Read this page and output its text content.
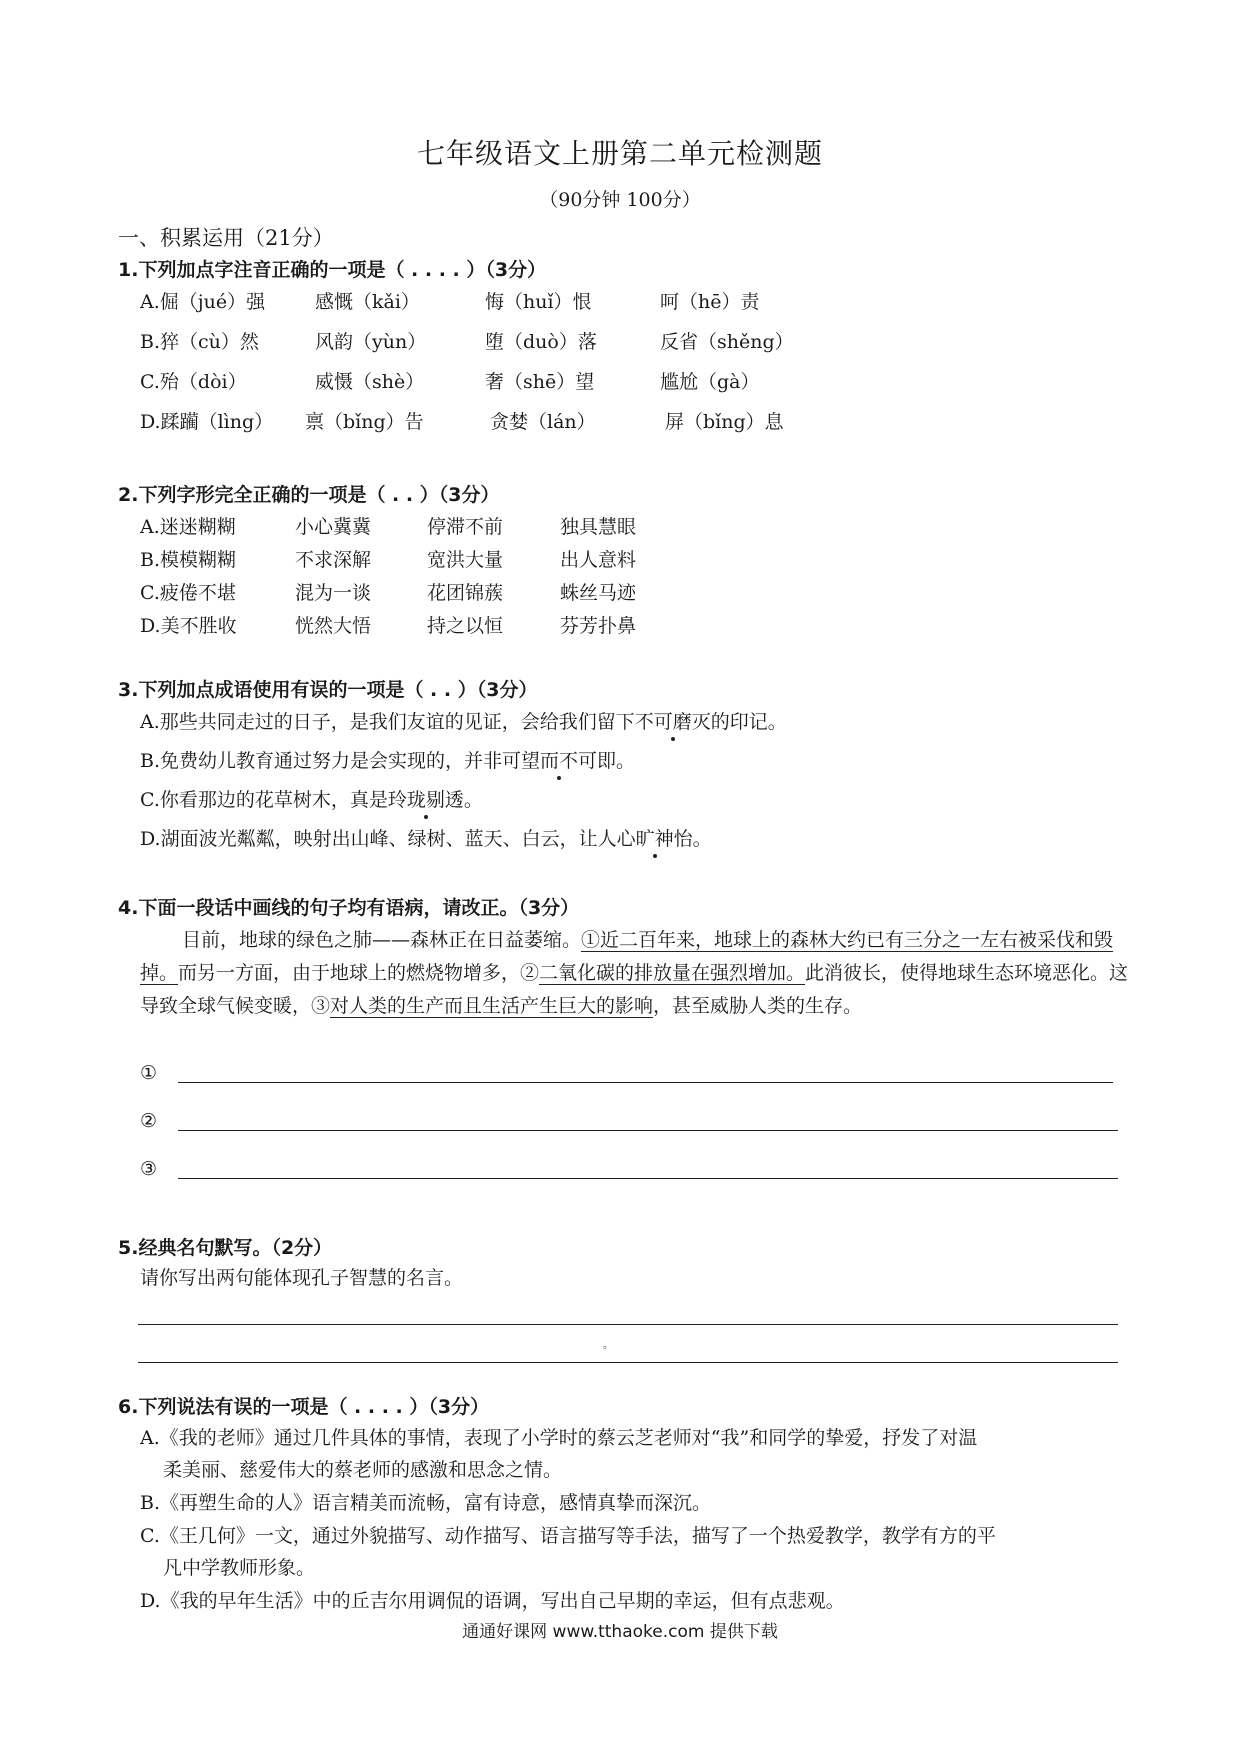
七年级语文上册第二单元检测题
（90分钟 100分）
一、积累运用（21分）
1.下列加点字注音正确的一项是（ . . . . ）（3分）
A.倔（jué）强	感慨（kǎi）	悔（huǐ）恨	呵（hē）责
B.猝（cù）然	风韵（yùn）	堕（duò）落	反省（shěng）
C.殆（dòi）	威慑（shè）	奢（shē）望	尴尬（gà）
D.蹂躏（lìng） 禀（bǐng）告	贪婪（lán）	屏（bǐng）息
2.下列字形完全正确的一项是（ . . ）（3分）
A.迷迷糊糊	小心冀冀	停滞不前	独具慧眼
B.模模糊糊	不求深解	宽洪大量	出人意料
C.疲倦不堪	混为一谈	花团锦蔟	蛛丝马迹
D.美不胜收	恍然大悟	持之以恒	芬芳扑鼻
3.下列加点成语使用有误的一项是（ . . ）（3分）
A.那些共同走过的日子，是我们友谊的见证，会给我们留下不可磨灭的印记。
B.免费幼儿教育通过努力是会实现的，并非可望而不可即。
C.你看那边的花草树木，真是玲珑剔透。
D.湖面波光粼粼，映射出山峰、绿树、蓝天、白云，让人心旷神怡。
4.下面一段话中画线的句子均有语病，请改正。（3分）
目前，地球的绿色之肺——森林正在日益萎缩。①近二百年来，地球上的森林大约已有三分之一左右被采伐和毁掉。而另一方面，由于地球上的燃烧物增多，②二氧化碳的排放量在强烈增加。此消彼长，使得地球生态环境恶化。这导致全球气候变暖，③对人类的生产而且生活产生巨大的影响，甚至威胁人类的生存。
①
②
③
5.经典名句默写。（2分）
请你写出两句能体现孔子智慧的名言。
。
6.下列说法有误的一项是（ . . . . ）（3分）
A.《我的老师》通过几件具体的事情，表现了小学时的蔡云芝老师对“我”和同学的挚爱，抒发了对温
柔美丽、慈爱伟大的蔡老师的感激和思念之情。
B.《再塑生命的人》语言精美而流畅，富有诗意，感情真挚而深沉。
C.《王几何》一文，通过外貌描写、动作描写、语言描写等手法，描写了一个热爱教学，教学有方的平
凡中学教师形象。
D.《我的早年生活》中的丘吉尔用调侃的语调，写出自己早期的幸运，但有点悲观。
通通好课网 www.tthaoke.com 提供下载
